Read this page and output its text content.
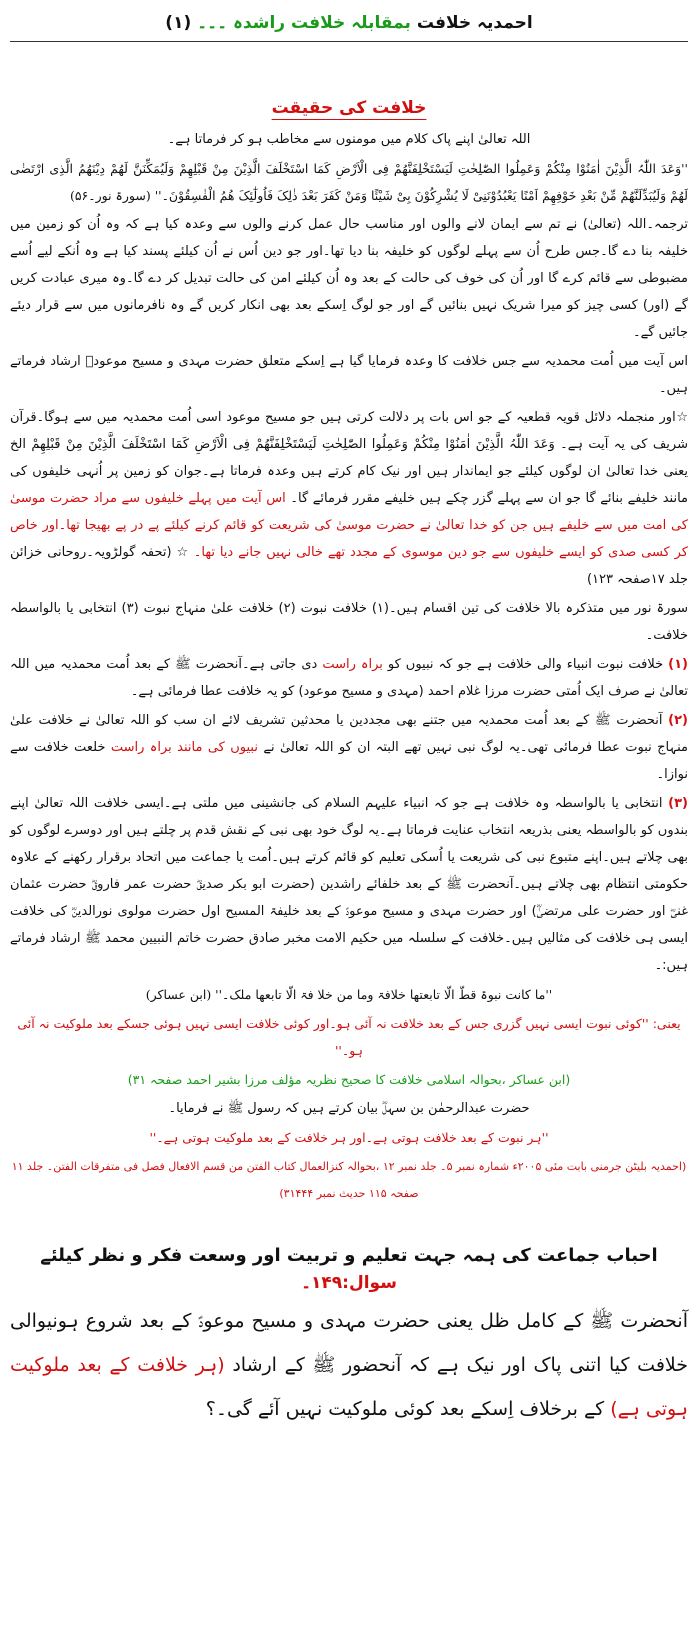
احمدیہ خلافت بمقابلہ خلافت راشدہ ۔۔۔ (۱)
خلافت کی حقیقت

اللہ تعالیٰ اپنے پاک کلام میں مومنوں سے مخاطب ہو کر فرماتا ہے۔

''وَعَدَ اللّٰہُ الَّذِیْنَ اٰمَنُوْا مِنْکُمْ وَعَمِلُوا الصّٰلِحٰتِ لَیَسْتَخْلِفَنَّھُمْ فِی الْاَرْضِ کَمَا اسْتَخْلَفَ الَّذِیْنَ مِنْ قَبْلِھِمْ وَلَیُمَکِّنَنَّ لَھُمْ دِیْنَھُمُ الَّذِی ارْتَضٰی لَھُمْ وَلَیُبَدِّلَنَّھُمْ مِّنْ بَعْدِ خَوْفِھِمْ اَمْنًا یَعْبُدُوْنَنِیْ لَا یُشْرِکُوْنَ بِیْ شَیْئًا وَمَنْ کَفَرَ بَعْدَ ذٰلِکَ فَاُولٰٓئِکَ ھُمُ الْفٰسِقُوْنَ۔'' (سورۃ نور۔۵۶)

ترجمہ۔اللہ (تعالیٰ) نے تم سے ایمان لانے والوں اور مناسب حال عمل کرنے والوں سے وعدہ کیا ہے کہ وہ اُن کو زمین میں خلیفہ بنا دے گا۔جس طرح اُن سے پہلے لوگوں کو خلیفہ بنا دیا تھا۔اور جو دین اُس نے اُن کیلئے پسند کیا ہے وہ اُنکے لیے اُسے مضبوطی سے قائم کرے گا اور اُن کی خوف کی حالت کے بعد وہ اُن کیلئے امن کی حالت تبدیل کر دے گا۔وہ میری عبادت کریں گے (اور) کسی چیز کو میرا شریک نہیں بنائیں گے اور جو لوگ اِسکے بعد بھی انکار کریں گے وہ نافرمانوں میں سے قرار دیئے جائیں گے۔

اس آیت میں اُمت محمدیہ سے جس خلافت کا وعدہ فرمایا گیا ہے اِسکے متعلق حضرت مہدی و مسیح موعودؑ ارشاد فرماتے ہیں۔

☆اور منجملہ دلائل قویہ قطعیہ کے جو اس بات پر دلالت کرتی ہیں جو مسیح موعود اسی اُمت محمدیہ میں سے ہوگا۔قرآن شریف کی یہ آیت ہے۔ وَعَدَ اللّٰہُ الَّذِیْنَ اٰمَنُوْا مِنْکُمْ وَعَمِلُوا الصّٰلِحٰتِ لَیَسْتَخْلِفَنَّھُمْ فِی الْاَرْضِ کَمَا اسْتَخْلَفَ الَّذِیْنَ مِنْ قَبْلِھِمْ الخ یعنی خدا تعالیٰ ان لوگوں کیلئے جو ایماندار ہیں اور نیک کام کرتے ہیں وعدہ فرماتا ہے۔جوان کو زمین پر اُنہی خلیفوں کی مانند خلیفے بنائے گا جو ان سے پہلے گزر چکے ہیں خلیفے مقرر فرمائے گا۔ اس آیت میں پہلے خلیفوں سے مراد حضرت موسیٰ کی امت میں سے خلیفے ہیں جن کو خدا تعالیٰ نے حضرت موسیٰ کی شریعت کو قائم کرنے کیلئے پے در پے بھیجا تھا۔اور خاص کر کسی صدی کو ایسے خلیفوں سے جو دین موسوی کے مجدد تھے خالی نہیں جانے دیا تھا۔ ☆ (تحفہ گولڑویہ۔روحانی خزائن جلد ۱۷صفحہ ۱۲۳)

سورۃ نور میں متذکرہ بالا خلافت کی تین اقسام ہیں۔(۱) خلافت نبوت (۲) خلافت علیٰ منہاج نبوت (۳) انتخابی یا بالواسطہ خلافت۔

(۱) خلافت نبوت انبیاء والی خلافت ہے جو کہ نبیوں کو براہ راست دی جاتی ہے۔آنحضرت ﷺ کے بعد اُمت محمدیہ میں اللہ تعالیٰ نے صرف ایک اُمتی حضرت مرزا غلام احمد (مہدی و مسیح موعود) کو یہ خلافت عطا فرمائی ہے۔

(۲) آنحضرت ﷺ کے بعد اُمت محمدیہ میں جتنے بھی مجددین یا محدثین تشریف لائے ان سب کو اللہ تعالیٰ نے خلافت علیٰ منہاج نبوت عطا فرمائی تھی۔یہ لوگ نبی نہیں تھے البتہ ان کو اللہ تعالیٰ نے نبیوں کی مانند براہ راست خلعت خلافت سے نوازا۔

(۳) انتخابی یا بالواسطہ وہ خلافت ہے جو کہ انبیاء علیہم السلام کی جانشینی میں ملتی ہے۔ایسی خلافت اللہ تعالیٰ اپنے بندوں کو بالواسطہ یعنی بذریعہ انتخاب عنایت فرماتا ہے۔یہ لوگ خود بھی نبی کے نقش قدم پر چلتے ہیں اور دوسرے لوگوں کو بھی چلاتے ہیں۔اپنے متبوع نبی کی شریعت یا اُسکی تعلیم کو قائم کرتے ہیں۔اُمت یا جماعت میں اتحاد برقرار رکھنے کے علاوہ حکومتی انتظام بھی چلاتے ہیں۔آنحضرت ﷺ کے بعد خلفائے راشدین (حضرت ابو بکر صدیقؓ حضرت عمر فاروقؓ حضرت عثمان غنیؓ اور حضرت علی مرتضیٰؓ) اور حضرت مہدی و مسیح موعودؑ کے بعد خلیفۃ المسیح اول حضرت مولوی نورالدینؓ کی خلافت ایسی ہی خلافت کی مثالیں ہیں۔خلافت کے سلسلہ میں حکیم الامت مخبر صادق حضرت خاتم النبیین محمد ﷺ ارشاد فرماتے ہیں:۔

''ما کانت نبوۃ قطّ الّا تابعتھا خلافۃ وما من خلا فۃ الّا تابعھا ملک۔'' (ابن عساکر)

یعنی: ''کوئی نبوت ایسی نہیں گزری جس کے بعد خلافت نہ آئی ہو۔اور کوئی خلافت ایسی نہیں ہوئی جسکے بعد ملوکیت نہ آئی ہو۔''

(ابن عساکر ،بحوالہ اسلامی خلافت کا صحیح نظریہ مؤلف مرزا بشیر احمد صفحہ ۳۱)

حضرت عبدالرحمٰن بن سہلؓ بیان کرتے ہیں کہ رسول ﷺ نے فرمایا۔

''ہر نبوت کے بعد خلافت ہوتی ہے۔اور ہر خلافت کے بعد ملوکیت ہوتی ہے۔''

(احمدیہ بلیٹن جرمنی بابت مئی ۲۰۰۵ء شمارہ نمبر ۵۔ جلد نمبر ۱۲ ،بحوالہ کنزالعمال کتاب الفتن من قسم الافعال فصل فی متفرقات الفتن۔ جلد ۱۱ صفحہ ۱۱۵ حدیث نمبر ۳۱۴۴۴)

احباب جماعت کی ہمہ جہت تعلیم و تربیت اور وسعت فکر و نظر کیلئے
سوال:۱۴۹۔

آنحضرت ﷺ کے کامل ظل یعنی حضرت مہدی و مسیح موعودؑ کے بعد شروع ہونیوالی خلافت کیا اتنی پاک اور نیک ہے کہ آنحضور ﷺ کے ارشاد (ہر خلافت کے بعد ملوکیت ہوتی ہے) کے برخلاف اِسکے بعد کوئی ملوکیت نہیں آئے گی۔؟
